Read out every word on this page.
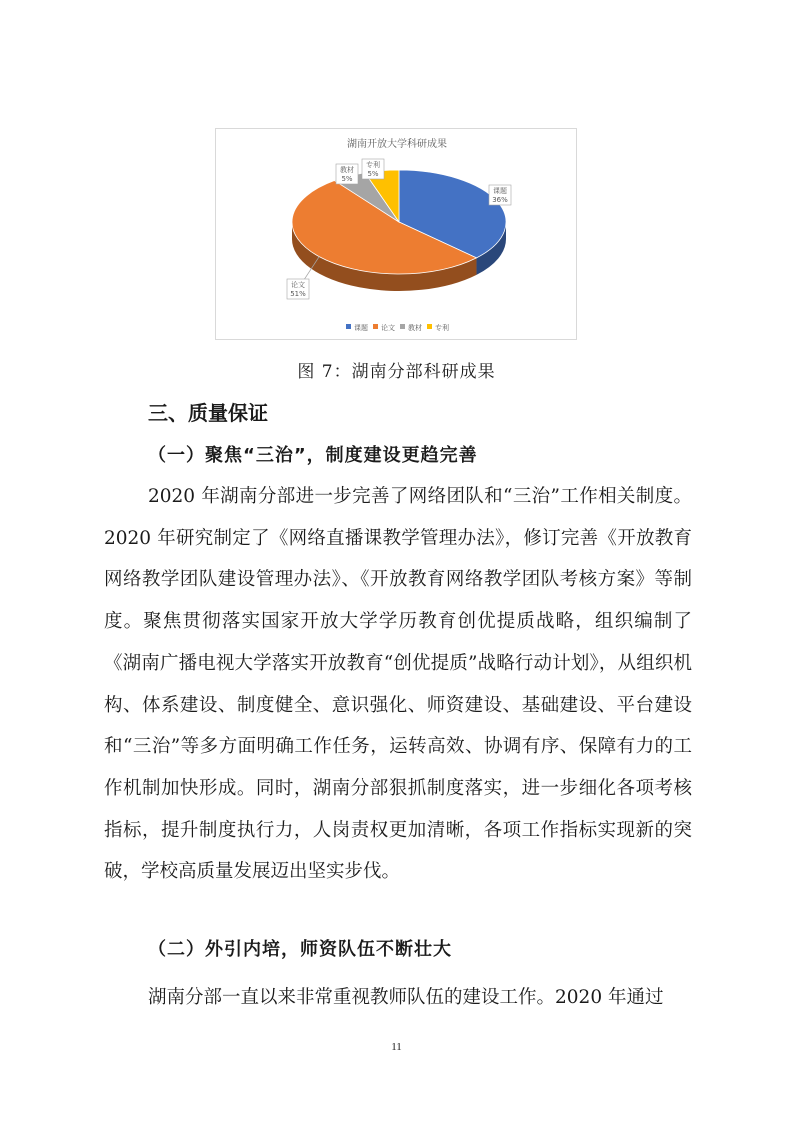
湖南开放大学科研成果
课题
36%
论文
51%
教材
5%
专利
5%
课题 论文 教材 专利
图 7：湖南分部科研成果
三、质量保证
（一）聚焦“三治”，制度建设更趋完善

2020 年湖南分部进一步完善了网络团队和“三治”工作相关制度。2020 年研究制定了《网络直播课教学管理办法》，修订完善《开放教育网络教学团队建设管理办法》、《开放教育网络教学团队考核方案》等制度。聚焦贯彻落实国家开放大学学历教育创优提质战略，组织编制了《湖南广播电视大学落实开放教育“创优提质”战略行动计划》，从组织机构、体系建设、制度健全、意识强化、师资建设、基础建设、平台建设和“三治”等多方面明确工作任务，运转高效、协调有序、保障有力的工作机制加快形成。同时，湖南分部狠抓制度落实，进一步细化各项考核指标，提升制度执行力，人岗责权更加清晰，各项工作指标实现新的突破，学校高质量发展迈出坚实步伐。

（二）外引内培，师资队伍不断壮大

湖南分部一直以来非常重视教师队伍的建设工作。2020 年通过

11
